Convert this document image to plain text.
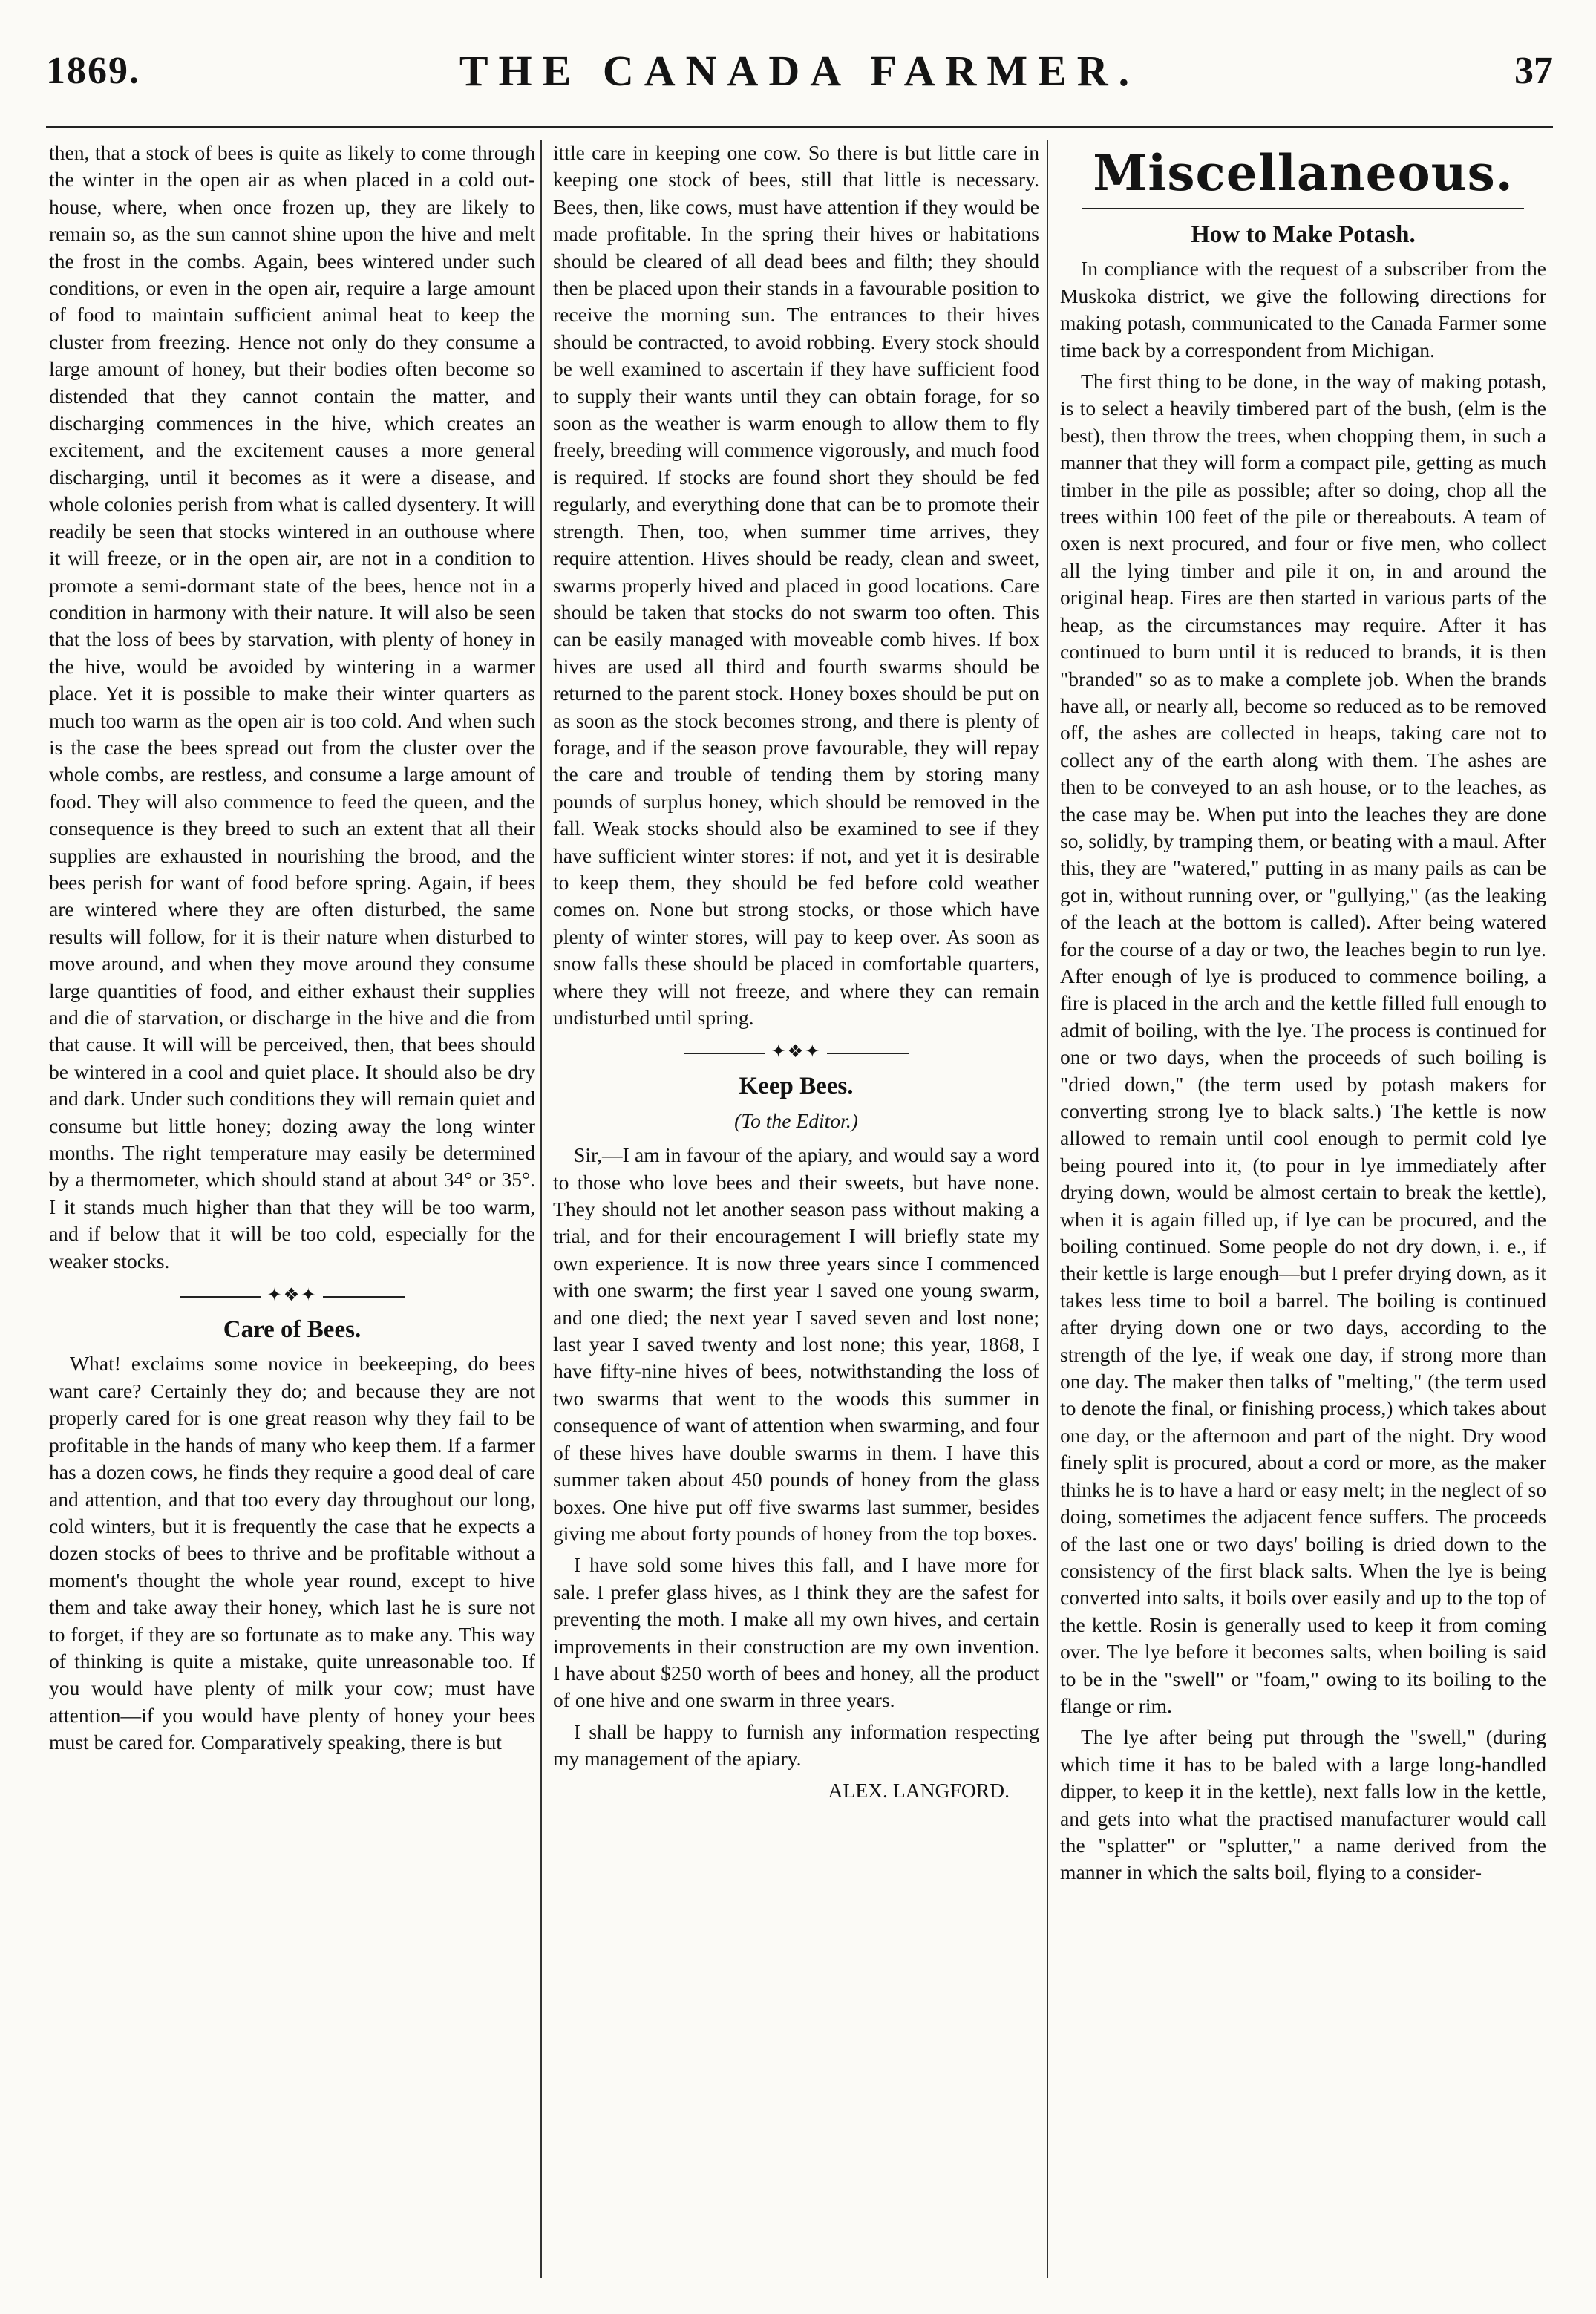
1869.	THE CANADA FARMER.	37

then, that a stock of bees is quite as likely to come through the winter in the open air as when placed in a cold out-house, where, when once frozen up, they are likely to remain so, as the sun cannot shine upon the hive and melt the frost in the combs. Again, bees wintered under such conditions, or even in the open air, require a large amount of food to maintain sufficient animal heat to keep the cluster from freezing. Hence not only do they consume a large amount of honey, but their bodies often become so distended that they cannot contain the matter, and discharging commences in the hive, which creates an excitement, and the excitement causes a more general discharging, until it becomes as it were a disease, and whole colonies perish from what is called dysentery. It will readily be seen that stocks wintered in an outhouse where it will freeze, or in the open air, are not in a condition to promote a semi-dormant state of the bees, hence not in a condition in harmony with their nature. It will also be seen that the loss of bees by starvation, with plenty of honey in the hive, would be avoided by wintering in a warmer place. Yet it is possible to make their winter quarters as much too warm as the open air is too cold. And when such is the case the bees spread out from the cluster over the whole combs, are restless, and consume a large amount of food. They will also commence to feed the queen, and the consequence is they breed to such an extent that all their supplies are exhausted in nourishing the brood, and the bees perish for want of food before spring. Again, if bees are wintered where they are often disturbed, the same results will follow, for it is their nature when disturbed to move around, and when they move around they consume large quantities of food, and either exhaust their supplies and die of starvation, or discharge in the hive and die from that cause. It will will be perceived, then, that bees should be wintered in a cool and quiet place. It should also be dry and dark. Under such conditions they will remain quiet and consume but little honey; dozing away the long winter months. The right temperature may easily be determined by a thermometer, which should stand at about 34° or 35°. I it stands much higher than that they will be too warm, and if below that it will be too cold, especially for the weaker stocks.

✦❖✦
Care of Bees.

What! exclaims some novice in beekeeping, do bees want care? Certainly they do; and because they are not properly cared for is one great reason why they fail to be profitable in the hands of many who keep them. If a farmer has a dozen cows, he finds they require a good deal of care and attention, and that too every day throughout our long, cold winters, but it is frequently the case that he expects a dozen stocks of bees to thrive and be profitable without a moment's thought the whole year round, except to hive them and take away their honey, which last he is sure not to forget, if they are so fortunate as to make any. This way of thinking is quite a mistake, quite unreasonable too. If you would have plenty of milk your cow; must have attention—if you would have plenty of honey your bees must be cared for. Comparatively speaking, there is but

ittle care in keeping one cow. So there is but little care in keeping one stock of bees, still that little is necessary. Bees, then, like cows, must have attention if they would be made profitable. In the spring their hives or habitations should be cleared of all dead bees and filth; they should then be placed upon their stands in a favourable position to receive the morning sun. The entrances to their hives should be contracted, to avoid robbing. Every stock should be well examined to ascertain if they have sufficient food to supply their wants until they can obtain forage, for so soon as the weather is warm enough to allow them to fly freely, breeding will commence vigorously, and much food is required. If stocks are found short they should be fed regularly, and everything done that can be to promote their strength. Then, too, when summer time arrives, they require attention. Hives should be ready, clean and sweet, swarms properly hived and placed in good locations. Care should be taken that stocks do not swarm too often. This can be easily managed with moveable comb hives. If box hives are used all third and fourth swarms should be returned to the parent stock. Honey boxes should be put on as soon as the stock becomes strong, and there is plenty of forage, and if the season prove favourable, they will repay the care and trouble of tending them by storing many pounds of surplus honey, which should be removed in the fall. Weak stocks should also be examined to see if they have sufficient winter stores: if not, and yet it is desirable to keep them, they should be fed before cold weather comes on. None but strong stocks, or those which have plenty of winter stores, will pay to keep over. As soon as snow falls these should be placed in comfortable quarters, where they will not freeze, and where they can remain undisturbed until spring.

✦❖✦
Keep Bees.
(To the Editor.)

Sir,—I am in favour of the apiary, and would say a word to those who love bees and their sweets, but have none. They should not let another season pass without making a trial, and for their encouragement I will briefly state my own experience. It is now three years since I commenced with one swarm; the first year I saved one young swarm, and one died; the next year I saved seven and lost none; last year I saved twenty and lost none; this year, 1868, I have fifty-nine hives of bees, notwithstanding the loss of two swarms that went to the woods this summer in consequence of want of attention when swarming, and four of these hives have double swarms in them. I have this summer taken about 450 pounds of honey from the glass boxes. One hive put off five swarms last summer, besides giving me about forty pounds of honey from the top boxes.

I have sold some hives this fall, and I have more for sale. I prefer glass hives, as I think they are the safest for preventing the moth. I make all my own hives, and certain improvements in their construction are my own invention. I have about $250 worth of bees and honey, all the product of one hive and one swarm in three years.

I shall be happy to furnish any information respecting my management of the apiary.

ALEX. LANGFORD.

Miscellaneous.
How to Make Potash.

In compliance with the request of a subscriber from the Muskoka district, we give the following directions for making potash, communicated to the Canada Farmer some time back by a correspondent from Michigan.

The first thing to be done, in the way of making potash, is to select a heavily timbered part of the bush, (elm is the best), then throw the trees, when chopping them, in such a manner that they will form a compact pile, getting as much timber in the pile as possible; after so doing, chop all the trees within 100 feet of the pile or thereabouts. A team of oxen is next procured, and four or five men, who collect all the lying timber and pile it on, in and around the original heap. Fires are then started in various parts of the heap, as the circumstances may require. After it has continued to burn until it is reduced to brands, it is then "branded" so as to make a complete job. When the brands have all, or nearly all, become so reduced as to be removed off, the ashes are collected in heaps, taking care not to collect any of the earth along with them. The ashes are then to be conveyed to an ash house, or to the leaches, as the case may be. When put into the leaches they are done so, solidly, by tramping them, or beating with a maul. After this, they are "watered," putting in as many pails as can be got in, without running over, or "gullying," (as the leaking of the leach at the bottom is called). After being watered for the course of a day or two, the leaches begin to run lye. After enough of lye is produced to commence boiling, a fire is placed in the arch and the kettle filled full enough to admit of boiling, with the lye. The process is continued for one or two days, when the proceeds of such boiling is "dried down," (the term used by potash makers for converting strong lye to black salts.) The kettle is now allowed to remain until cool enough to permit cold lye being poured into it, (to pour in lye immediately after drying down, would be almost certain to break the kettle), when it is again filled up, if lye can be procured, and the boiling continued. Some people do not dry down, i. e., if their kettle is large enough—but I prefer drying down, as it takes less time to boil a barrel. The boiling is continued after drying down one or two days, according to the strength of the lye, if weak one day, if strong more than one day. The maker then talks of "melting," (the term used to denote the final, or finishing process,) which takes about one day, or the afternoon and part of the night. Dry wood finely split is procured, about a cord or more, as the maker thinks he is to have a hard or easy melt; in the neglect of so doing, sometimes the adjacent fence suffers. The proceeds of the last one or two days' boiling is dried down to the consistency of the first black salts. When the lye is being converted into salts, it boils over easily and up to the top of the kettle. Rosin is generally used to keep it from coming over. The lye before it becomes salts, when boiling is said to be in the "swell" or "foam," owing to its boiling to the flange or rim.

The lye after being put through the "swell," (during which time it has to be baled with a large long-handled dipper, to keep it in the kettle), next falls low in the kettle, and gets into what the practised manufacturer would call the "splatter" or "splutter," a name derived from the manner in which the salts boil, flying to a consider-
